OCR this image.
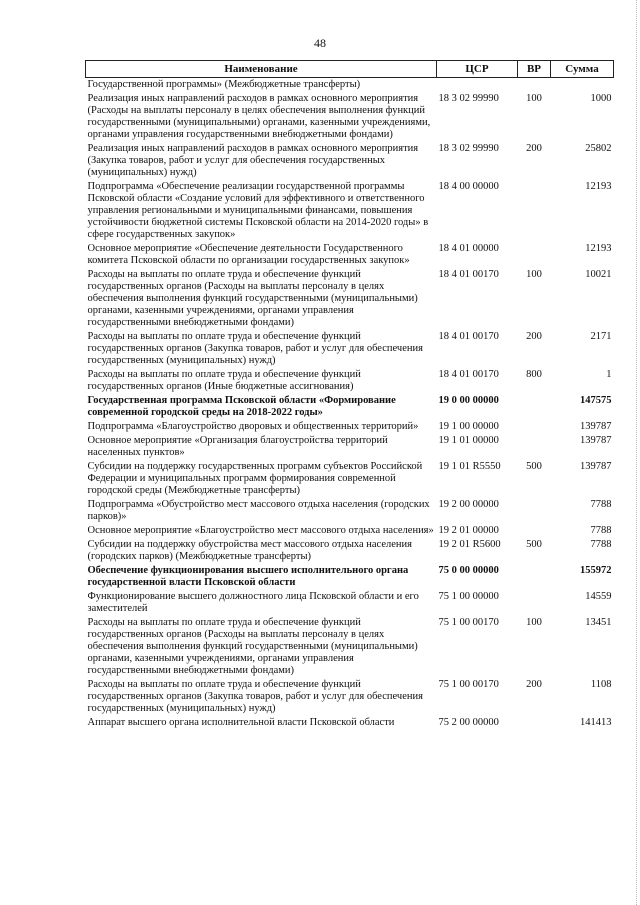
48
Наименование	ЦСР	ВР	Сумма
Государственной программы» (Межбюджетные трансферты)			
Реализация иных направлений расходов в рамках основного мероприятия (Расходы на выплаты персоналу в целях обеспечения выполнения функций государственными (муниципальными) органами, казенными учреждениями, органами управления государственными внебюджетными фондами)	18 3 02 99990	100	1000
Реализация иных направлений расходов в рамках основного мероприятия (Закупка товаров, работ и услуг для обеспечения государственных (муниципальных) нужд)	18 3 02 99990	200	25802
Подпрограмма «Обеспечение реализации государственной программы Псковской области «Создание условий для эффективного и ответственного управления региональными и муниципальными финансами, повышения устойчивости бюджетной системы Псковской области на 2014-2020 годы» в сфере государственных закупок»	18 4 00 00000		12193
Основное мероприятие «Обеспечение деятельности Государственного комитета Псковской области по организации государственных закупок»	18 4 01 00000		12193
Расходы на выплаты по оплате труда и обеспечение функций государственных органов (Расходы на выплаты персоналу в целях обеспечения выполнения функций государственными (муниципальными) органами, казенными учреждениями, органами управления государственными внебюджетными фондами)	18 4 01 00170	100	10021
Расходы на выплаты по оплате труда и обеспечение функций государственных органов (Закупка товаров, работ и услуг для обеспечения государственных (муниципальных) нужд)	18 4 01 00170	200	2171
Расходы на выплаты по оплате труда и обеспечение функций государственных органов (Иные бюджетные ассигнования)	18 4 01 00170	800	1
Государственная программа Псковской области «Формирование современной городской среды на 2018-2022 годы»	19 0 00 00000		147575
Подпрограмма «Благоустройство дворовых и общественных территорий»	19 1 00 00000		139787
Основное мероприятие «Организация благоустройства территорий населенных пунктов»	19 1 01 00000		139787
Субсидии на поддержку государственных программ субъектов Российской Федерации и муниципальных программ формирования современной городской среды (Межбюджетные трансферты)	19 1 01 R5550	500	139787
Подпрограмма «Обустройство мест массового отдыха населения (городских парков)»	19 2 00 00000		7788
Основное мероприятие «Благоустройство мест массового отдыха населения»	19 2 01 00000		7788
Субсидии на поддержку обустройства мест массового отдыха населения (городских парков) (Межбюджетные трансферты)	19 2 01 R5600	500	7788
Обеспечение функционирования высшего исполнительного органа государственной власти Псковской области	75 0 00 00000		155972
Функционирование высшего должностного лица Псковской области и его заместителей	75 1 00 00000		14559
Расходы на выплаты по оплате труда и обеспечение функций государственных органов (Расходы на выплаты персоналу в целях обеспечения выполнения функций государственными (муниципальными) органами, казенными учреждениями, органами управления государственными внебюджетными фондами)	75 1 00 00170	100	13451
Расходы на выплаты по оплате труда и обеспечение функций государственных органов (Закупка товаров, работ и услуг для обеспечения государственных (муниципальных) нужд)	75 1 00 00170	200	1108
Аппарат высшего органа исполнительной власти Псковской области	75 2 00 00000		141413
